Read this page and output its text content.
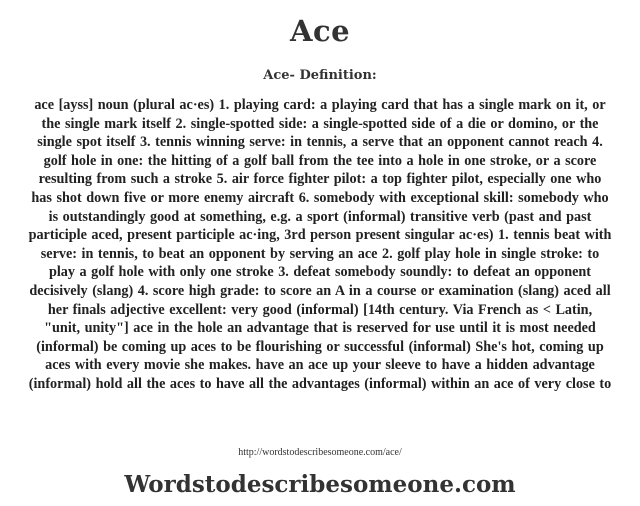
Ace
Ace- Definition:
ace [ayss] noun (plural ac·es) 1. playing card: a playing card that has a single mark on it, or the single mark itself 2. single-spotted side: a single-spotted side of a die or domino, or the single spot itself 3. tennis winning serve: in tennis, a serve that an opponent cannot reach 4. golf hole in one: the hitting of a golf ball from the tee into a hole in one stroke, or a score resulting from such a stroke 5. air force fighter pilot: a top fighter pilot, especially one who has shot down five or more enemy aircraft 6. somebody with exceptional skill: somebody who is outstandingly good at something, e.g. a sport (informal) transitive verb (past and past participle aced, present participle ac·ing, 3rd person present singular ac·es) 1. tennis beat with serve: in tennis, to beat an opponent by serving an ace 2. golf play hole in single stroke: to play a golf hole with only one stroke 3. defeat somebody soundly: to defeat an opponent decisively (slang) 4. score high grade: to score an A in a course or examination (slang) aced all her finals adjective excellent: very good (informal) [14th century. Via French as < Latin, "unit, unity"] ace in the hole an advantage that is reserved for use until it is most needed (informal) be coming up aces to be flourishing or successful (informal) She's hot, coming up aces with every movie she makes. have an ace up your sleeve to have a hidden advantage (informal) hold all the aces to have all the advantages (informal) within an ace of very close to
http://wordstodescribesomeone.com/ace/
Wordstodescribesomeone.com
